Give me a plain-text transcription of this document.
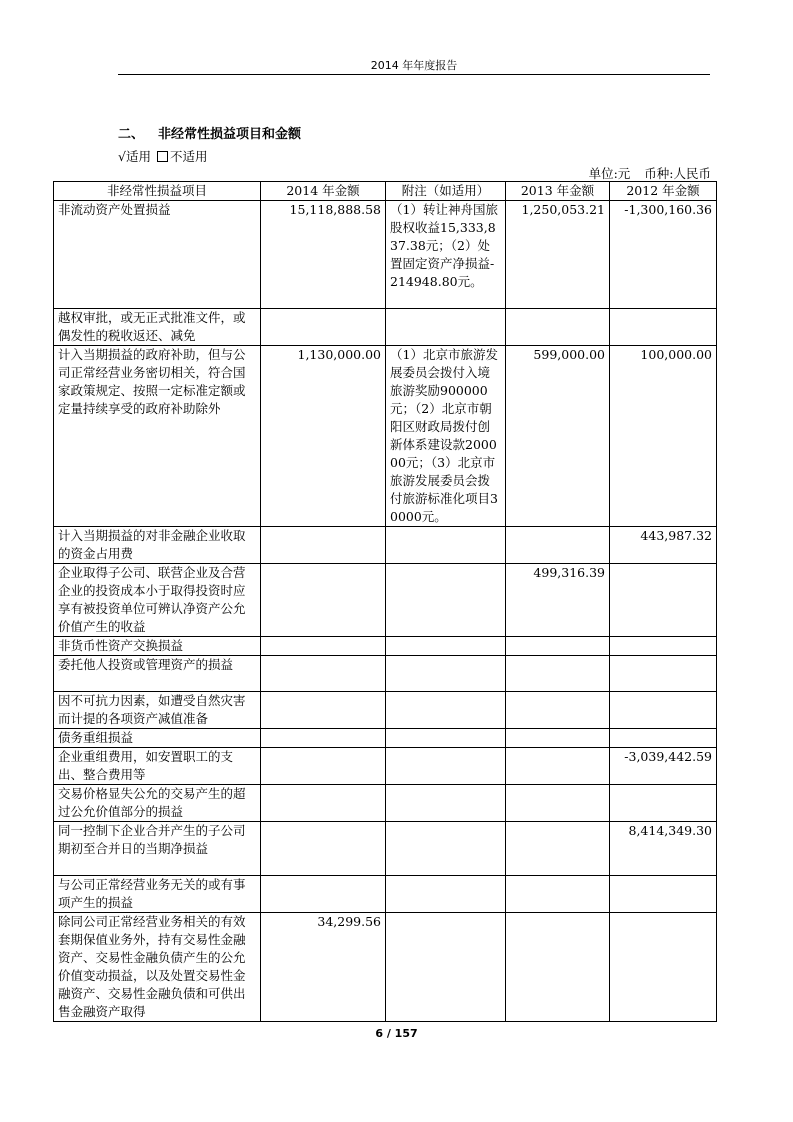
2014 年年度报告
二、 非经常性损益项目和金额
√适用 不适用
单位:元 币种:人民币
非经常性损益项目	2014 年金额	附注（如适用）	2013 年金额	2012 年金额
非流动资产处置损益	15,118,888.58	（1）转让神舟国旅股权收益15,333,837.38元；（2）处置固定资产净损益-214948.80元。	1,250,053.21	-1,300,160.36
越权审批，或无正式批准文件，或偶发性的税收返还、减免				
计入当期损益的政府补助，但与公司正常经营业务密切相关，符合国家政策规定、按照一定标准定额或定量持续享受的政府补助除外	1,130,000.00	（1）北京市旅游发展委员会拨付入境旅游奖励900000元；（2）北京市朝阳区财政局拨付创新体系建设款200000元；（3）北京市旅游发展委员会拨付旅游标准化项目30000元。	599,000.00	100,000.00
计入当期损益的对非金融企业收取的资金占用费				443,987.32
企业取得子公司、联营企业及合营企业的投资成本小于取得投资时应享有被投资单位可辨认净资产公允价值产生的收益			499,316.39	
非货币性资产交换损益				
委托他人投资或管理资产的损益				
因不可抗力因素，如遭受自然灾害而计提的各项资产减值准备				
债务重组损益				
企业重组费用，如安置职工的支出、整合费用等				-3,039,442.59
交易价格显失公允的交易产生的超过公允价值部分的损益				
同一控制下企业合并产生的子公司期初至合并日的当期净损益				8,414,349.30
与公司正常经营业务无关的或有事项产生的损益				
除同公司正常经营业务相关的有效套期保值业务外，持有交易性金融资产、交易性金融负债产生的公允价值变动损益，以及处置交易性金融资产、交易性金融负债和可供出售金融资产取得	34,299.56			
6 / 157
